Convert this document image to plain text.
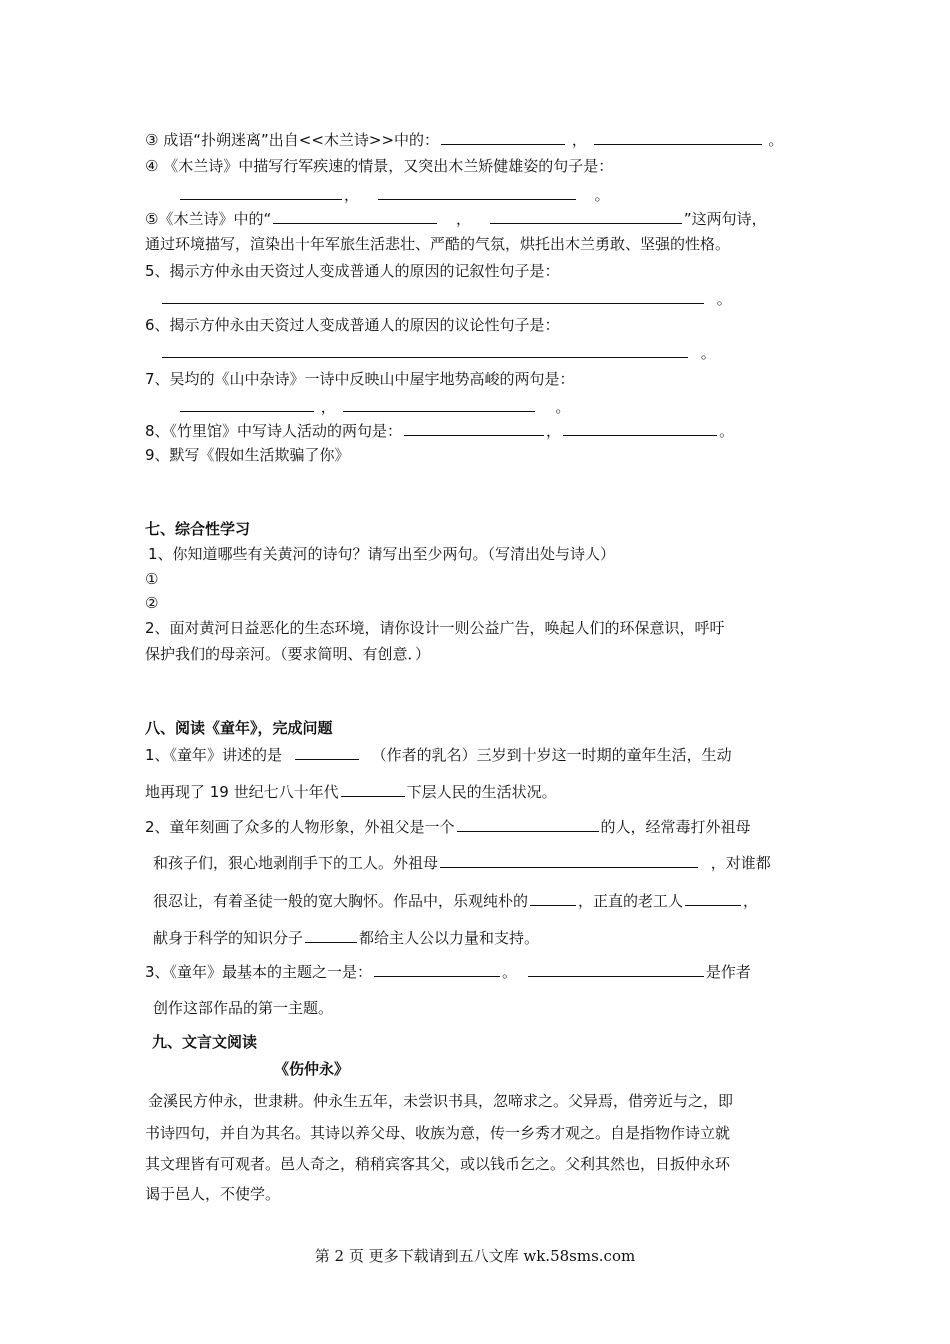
③ 成语“扑朔迷离”出自<<木兰诗>>中的：	，	。
④ 《木兰诗》中描写行军疾速的情景，又突出木兰矫健雄姿的句子是：
，	。
⑤《木兰诗》中的“	，	”这两句诗，
通过环境描写，渲染出十年军旅生活悲壮、严酷的气氛，烘托出木兰勇敢、坚强的性格。
5、揭示方仲永由天资过人变成普通人的原因的记叙性句子是：
。
6、揭示方仲永由天资过人变成普通人的原因的议论性句子是：
。
7、吴均的《山中杂诗》一诗中反映山中屋宇地势高峻的两句是：
，	。
8、《竹里馆》中写诗人活动的两句是：	，	。
9、默写《假如生活欺骗了你》
七、综合性学习
1、你知道哪些有关黄河的诗句？请写出至少两句。（写清出处与诗人）
①
②
2、面对黄河日益恶化的生态环境，请你设计一则公益广告，唤起人们的环保意识，呼吁
保护我们的母亲河。（要求简明、有创意．）
八、阅读《童年》，完成问题
1、《童年》讲述的是	（作者的乳名）三岁到十岁这一时期的童年生活，生动
地再现了 19 世纪七八十年代	下层人民的生活状况。
2、童年刻画了众多的人物形象，外祖父是一个	的人，经常毒打外祖母
和孩子们，狠心地剥削手下的工人。外祖母	，对谁都
很忍让，有着圣徒一般的宽大胸怀。作品中，乐观纯朴的	，正直的老工人	，
献身于科学的知识分子	都给主人公以力量和支持。
3、《童年》最基本的主题之一是：	。	是作者
创作这部作品的第一主题。
九、文言文阅读
《伤仲永》
金溪民方仲永，世隶耕。仲永生五年，未尝识书具，忽啼求之。父异焉，借旁近与之，即
书诗四句，并自为其名。其诗以养父母、收族为意，传一乡秀才观之。自是指物作诗立就
其文理皆有可观者。邑人奇之，稍稍宾客其父，或以钱币乞之。父利其然也，日扳仲永环
谒于邑人，不使学。
第 2 页 更多下载请到五八文库 wk.58sms.com
